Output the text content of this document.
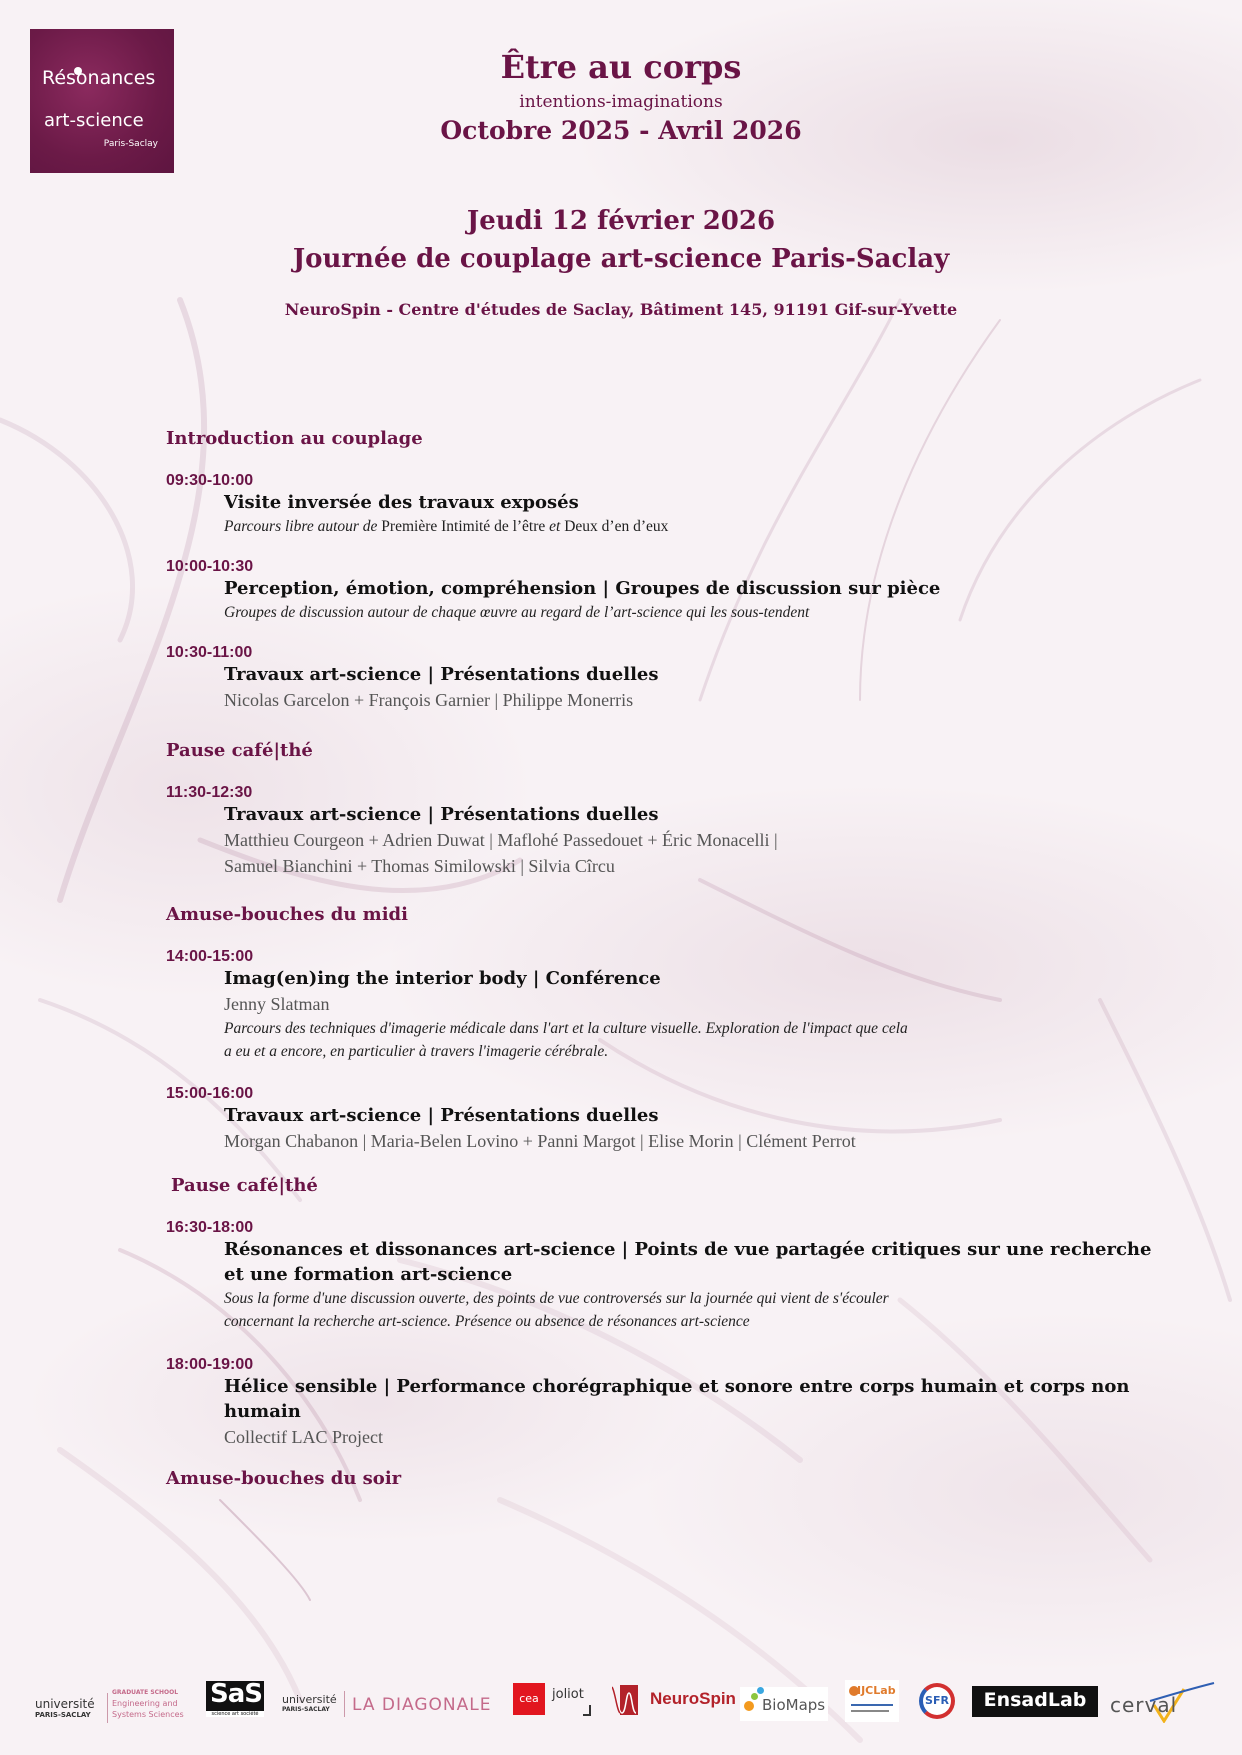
Résonances
art-science
Paris-Saclay
Être au corps
intentions-imaginations
Octobre 2025 - Avril 2026
Jeudi 12 février 2026
Journée de couplage art-science Paris-Saclay
NeuroSpin - Centre d'études de Saclay, Bâtiment 145, 91191 Gif-sur-Yvette
Introduction au couplage
09:30-10:00
Visite inversée des travaux exposés
Parcours libre autour de Première Intimité de l’être et Deux d’en d’eux
10:00-10:30
Perception, émotion, compréhension | Groupes de discussion sur pièce
Groupes de discussion autour de chaque œuvre au regard de l’art-science qui les sous-tendent
10:30-11:00
Travaux art-science | Présentations duelles
Nicolas Garcelon + François Garnier | Philippe Monerris
Pause café|thé
11:30-12:30
Travaux art-science | Présentations duelles
Matthieu Courgeon + Adrien Duwat | Maflohé Passedouet + Éric Monacelli |
Samuel Bianchini + Thomas Similowski | Silvia Cîrcu
Amuse-bouches du midi
14:00-15:00
Imag(en)ing the interior body | Conférence
Jenny Slatman
Parcours des techniques d'imagerie médicale dans l'art et la culture visuelle. Exploration de l'impact que cela
a eu et a encore, en particulier à travers l'imagerie cérébrale.
15:00-16:00
Travaux art-science | Présentations duelles
Morgan Chabanon | Maria-Belen Lovino + Panni Margot | Elise Morin | Clément Perrot
Pause café|thé
16:30-18:00
Résonances et dissonances art-science | Points de vue partagée critiques sur une recherche
et une formation art-science
Sous la forme d'une discussion ouverte, des points de vue controversés sur la journée qui vient de s'écouler
concernant la recherche art-science. Présence ou absence de résonances art-science
18:00-19:00
Hélice sensible | Performance chorégraphique et sonore entre corps humain et corps non
humain
Collectif LAC Project
Amuse-bouches du soir
université
PARIS-SACLAY
GRADUATE SCHOOL
Engineering and
Systems Sciences
SaS
science art société
université
PARIS-SACLAY LA DIAGONALE	cea	joliot	NeuroSpin BioMaps
IJCLab
SFR	EnsadLab	cerval
